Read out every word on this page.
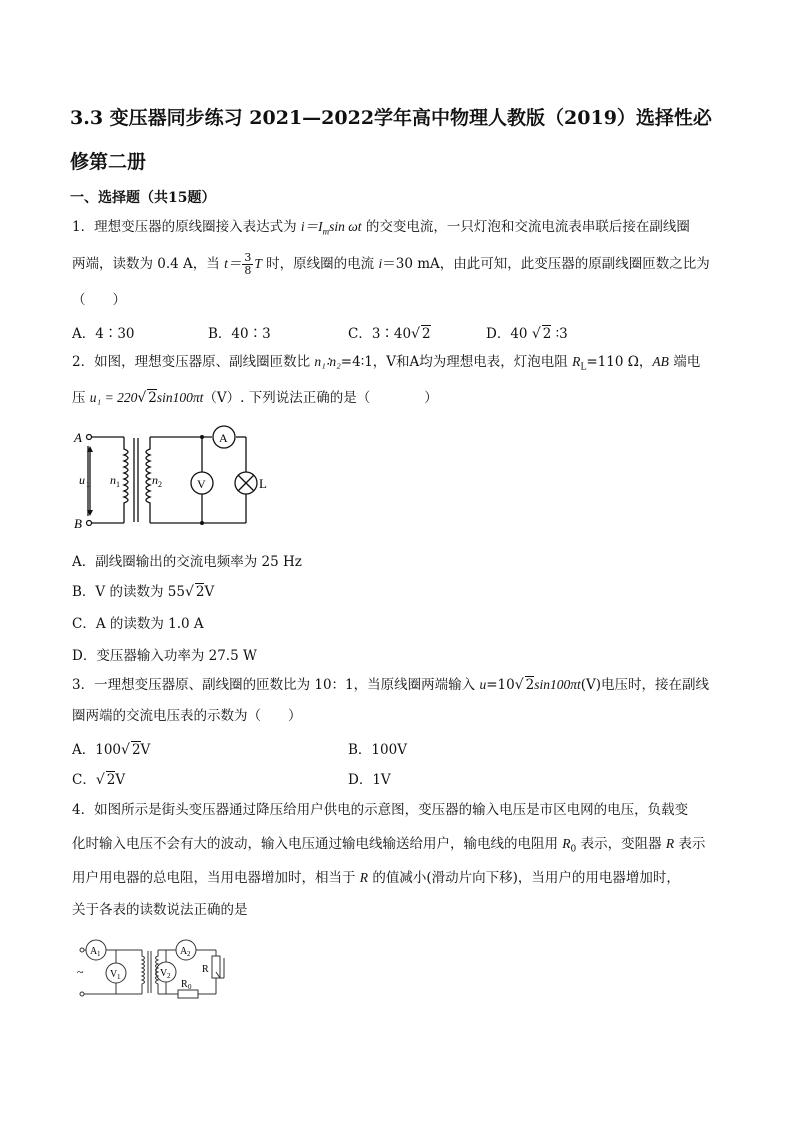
3.3 变压器同步练习 2021—2022学年高中物理人教版（2019）选择性必修第二册
一、选择题（共15题）
1．理想变压器的原线圈接入表达式为 $i=I_m\sin$ ωt 的交变电流，一只灯泡和交流电流表串联后接在副线圈
两端，读数为 0.4 A，当 $t= \frac{3}{8}$ T 时，原线圈的电流 i＝30 mA，由此可知，此变压器的原副线圈匝数之比为
（　　）
A．4∶30	B．40∶3	C．3∶40√ 2	D．40 √ 2 ∶3
2．如图，理想变压器原、副线圈匝数比 n₁∶n₂=4∶1，V和A均为理想电表，灯泡电阻 $R_L=110$ Ω，AB 端电
压 u₁ = 220√ 2sin100πt（V）. 下列说法正确的是（　　　　）
A
B
u 1 n 1	n 2
A
V	L
A．副线圈输出的交流电频率为 25 Hz
B．V 的读数为 55√ 2V
C．A 的读数为 1.0 A
D．变压器输入功率为 27.5 W
3．一理想变压器原、副线圈的匝数比为 10：1，当原线圈两端输入 u=10√ 2sin100πt(V)电压时，接在副线
圈两端的交流电压表的示数为（　　）
A．100√ 2V	B．100V
C．√ 2V	D．1V
4．如图所示是街头变压器通过降压给用户供电的示意图，变压器的输入电压是市区电网的电压，负载变
化时输入电压不会有大的波动，输入电压通过输电线输送给用户，输电线的电阻用 $R_0$ 表示，变阻器 R 表示
用户用电器的总电阻，当用电器增加时，相当于 R 的值减小(滑动片向下移)，当用户的用电器增加时，
关于各表的读数说法正确的是
~
A 1
V 1
A 2
V 2
R
R 0
